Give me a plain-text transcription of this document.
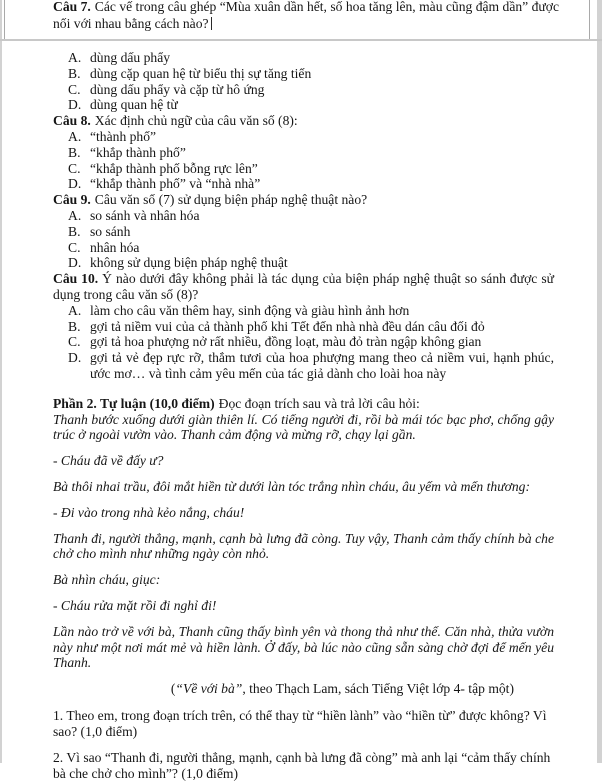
Câu 7. Các vế trong câu ghép “Mùa xuân dần hết, số hoa tăng lên, màu cũng đậm dần” được nối với nhau bằng cách nào?

A. dùng dấu phẩy
B. dùng cặp quan hệ từ biểu thị sự tăng tiến
C. dùng dấu phẩy và cặp từ hô ứng
D. dùng quan hệ từ

Câu 8. Xác định chủ ngữ của câu văn số (8):

A. “thành phố”
B. “khắp thành phố”
C. “khắp thành phố bỗng rực lên”
D. “khắp thành phố” và “nhà nhà”

Câu 9. Câu văn số (7) sử dụng biện pháp nghệ thuật nào?

A. so sánh và nhân hóa
B. so sánh
C. nhân hóa
D. không sử dụng biện pháp nghệ thuật

Câu 10. Ý nào dưới đây không phải là tác dụng của biện pháp nghệ thuật so sánh được sử dụng trong câu văn số (8)?

A. làm cho câu văn thêm hay, sinh động và giàu hình ảnh hơn
B. gợi tả niềm vui của cả thành phố khi Tết đến nhà nhà đều dán câu đối đỏ
C. gợi tả hoa phượng nở rất nhiều, đồng loạt, màu đỏ tràn ngập không gian
D. gợi tả vẻ đẹp rực rỡ, thắm tươi của hoa phượng mang theo cả niềm vui, hạnh phúc, ước mơ… và tình cảm yêu mến của tác giả dành cho loài hoa này

Phần 2. Tự luận (10,0 điểm) Đọc đoạn trích sau và trả lời câu hỏi:

Thanh bước xuống dưới giàn thiên lí. Có tiếng người đi, rồi bà mái tóc bạc phơ, chống gậy trúc ở ngoài vườn vào. Thanh cảm động và mừng rỡ, chạy lại gần.

- Cháu đã về đấy ư?

Bà thôi nhai trầu, đôi mắt hiền từ dưới làn tóc trắng nhìn cháu, âu yếm và mến thương:

- Đi vào trong nhà kẻo nắng, cháu!

Thanh đi, người thẳng, mạnh, cạnh bà lưng đã còng. Tuy vậy, Thanh cảm thấy chính bà che chở cho mình như những ngày còn nhỏ.

Bà nhìn cháu, giục:

- Cháu rửa mặt rồi đi nghỉ đi!

Lần nào trở về với bà, Thanh cũng thấy bình yên và thong thả như thế. Căn nhà, thửa vườn này như một nơi mát mẻ và hiền lành. Ở đấy, bà lúc nào cũng sẵn sàng chờ đợi để mến yêu Thanh.

(“Về với bà”, theo Thạch Lam, sách Tiếng Việt lớp 4- tập một)

1. Theo em, trong đoạn trích trên, có thể thay từ “hiền lành” vào “hiền từ” được không? Vì sao? (1,0 điểm)

2. Vì sao “Thanh đi, người thẳng, mạnh, cạnh bà lưng đã còng” mà anh lại “cảm thấy chính bà che chở cho mình”? (1,0 điểm)
